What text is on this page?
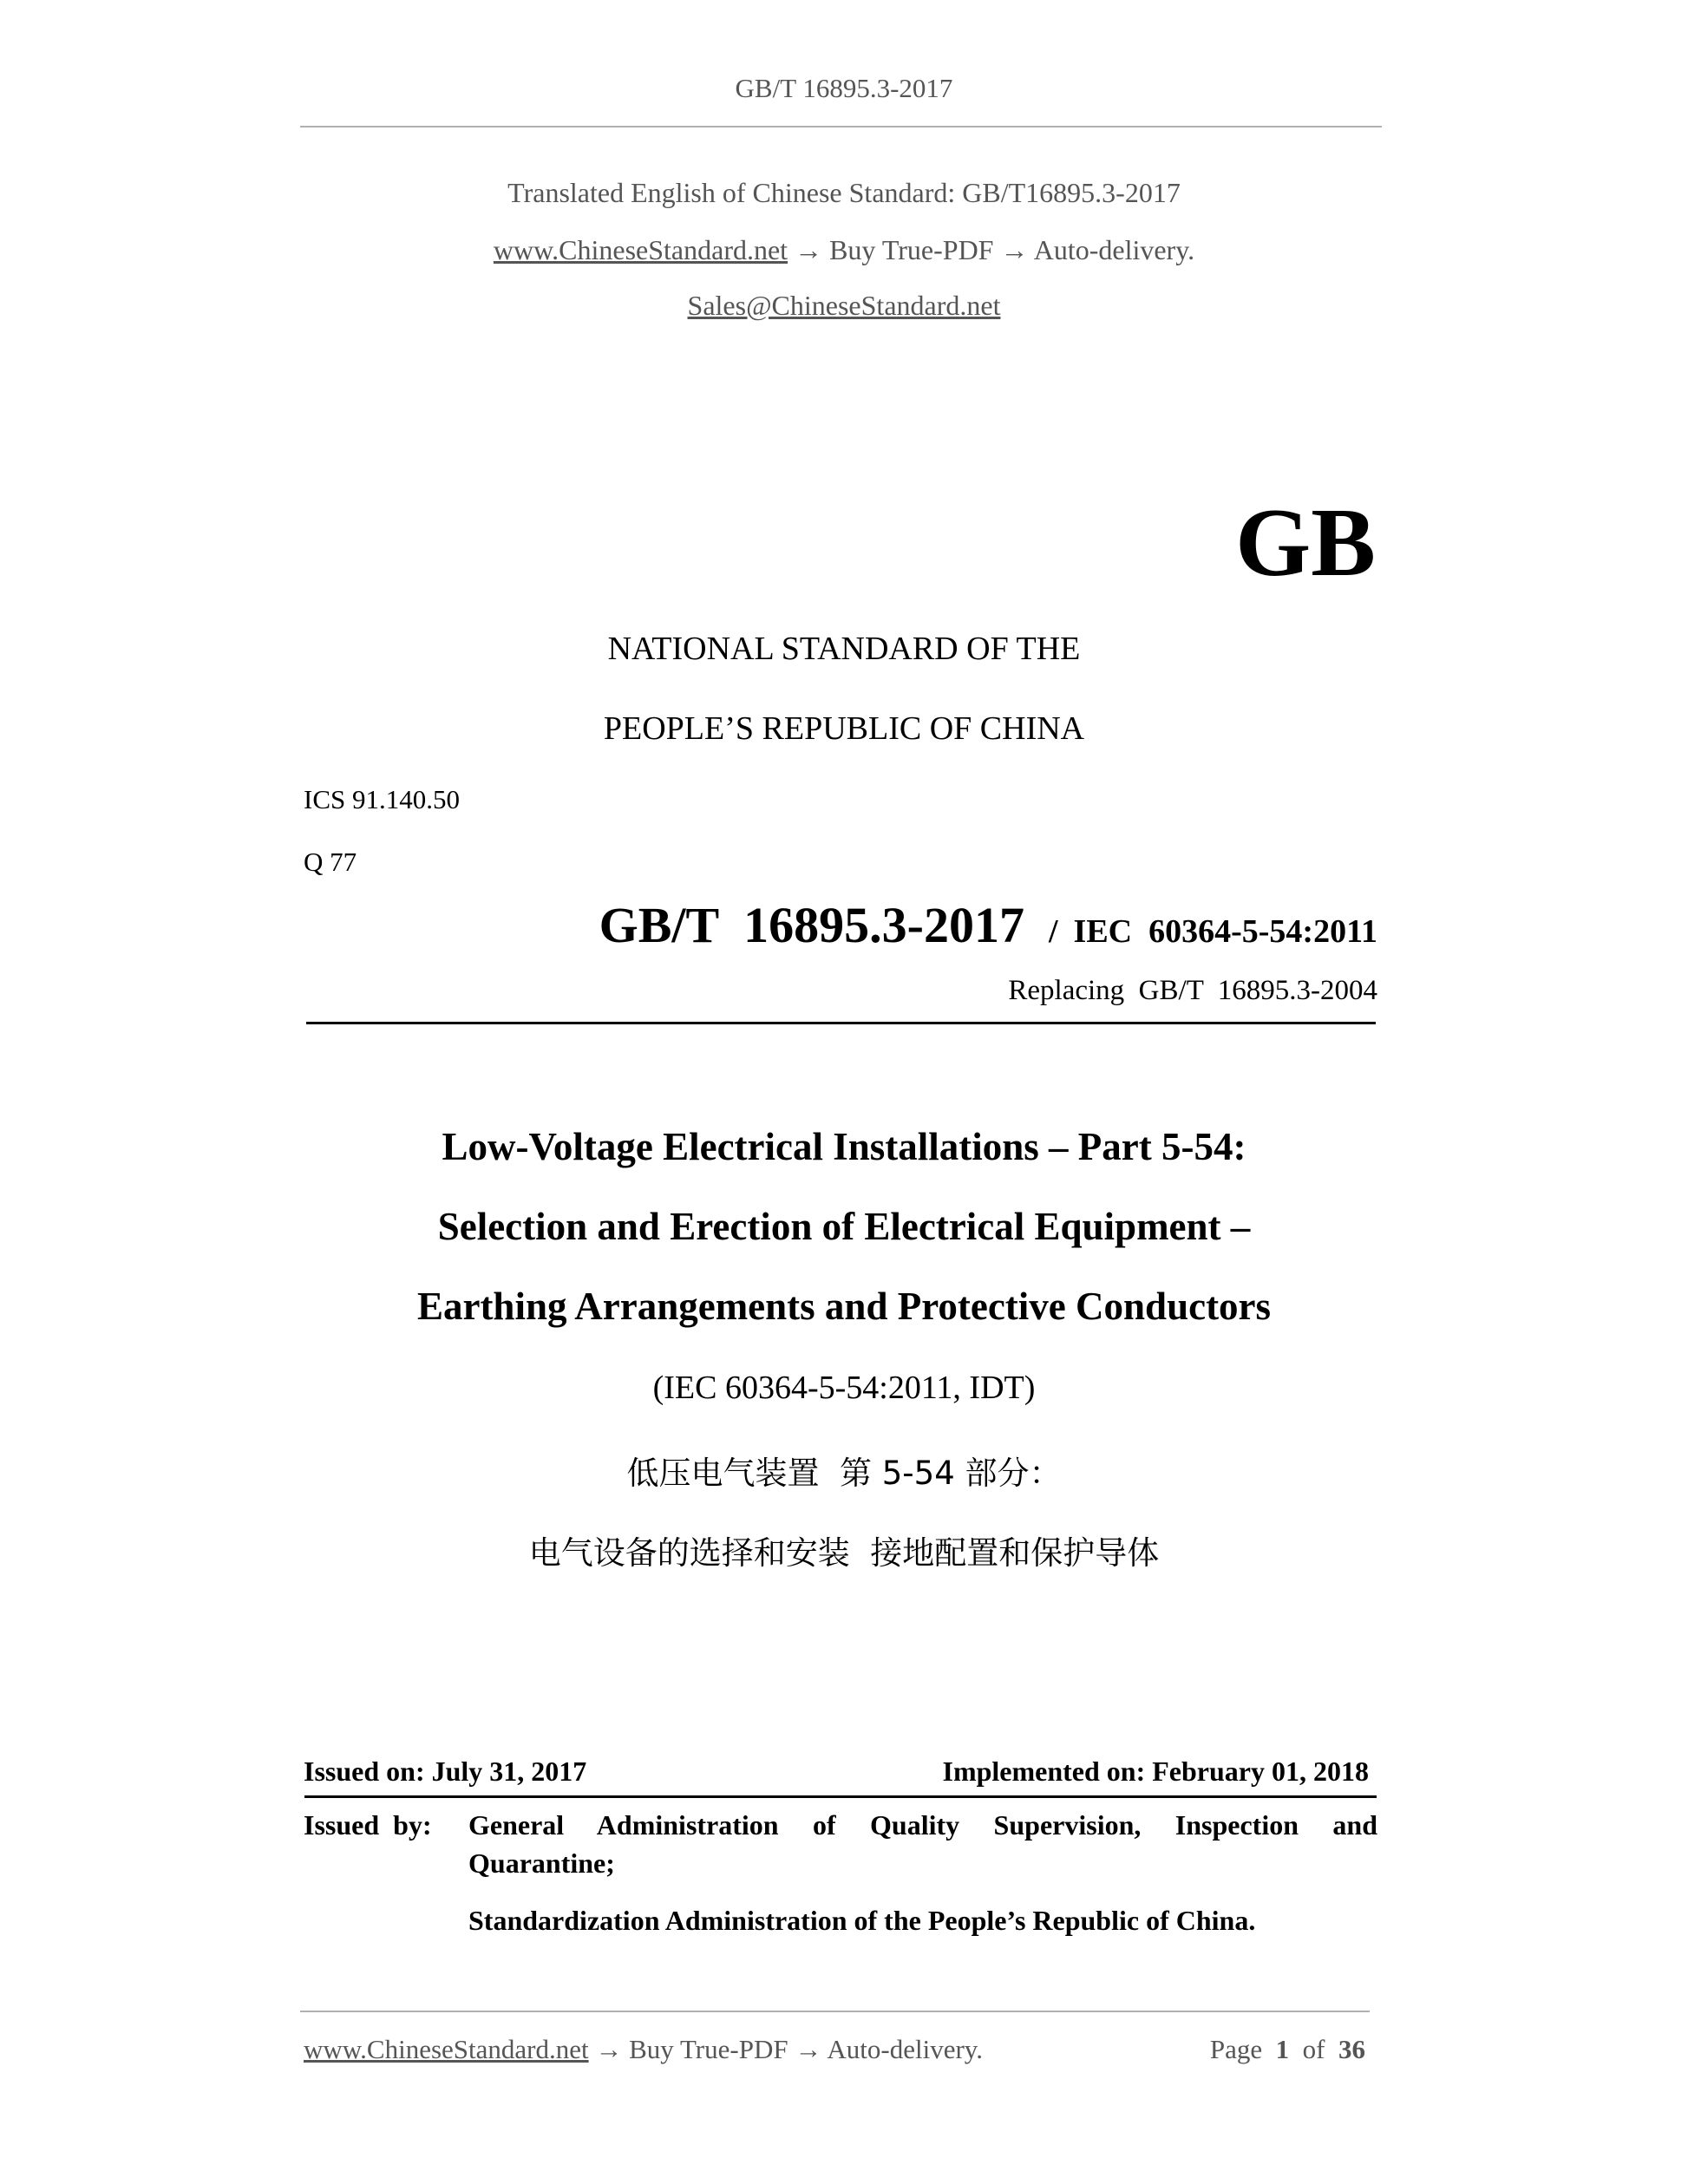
GB/T 16895.3-2017
Translated English of Chinese Standard: GB/T16895.3-2017
www.ChineseStandard.net → Buy True-PDF → Auto-delivery.
Sales@ChineseStandard.net
GB
NATIONAL STANDARD OF THE
PEOPLE’S REPUBLIC OF CHINA
ICS 91.140.50
Q 77
GB/T  16895.3-2017 / IEC  60364-5-54:2011
Replacing  GB/T  16895.3-2004
Low-Voltage Electrical Installations – Part 5-54:
Selection and Erection of Electrical Equipment –
Earthing Arrangements and Protective Conductors
(IEC 60364-5-54:2011, IDT)
低压电气装置  第 5-54 部分：
电气设备的选择和安装  接地配置和保护导体
Issued on: July 31, 2017	Implemented on: February 01, 2018
Issued  by: General Administration of Quality Supervision, Inspection and
Quarantine;
Standardization Administration of the People’s Republic of China.
www.ChineseStandard.net → Buy True-PDF → Auto-delivery.	Page 1 of 36
